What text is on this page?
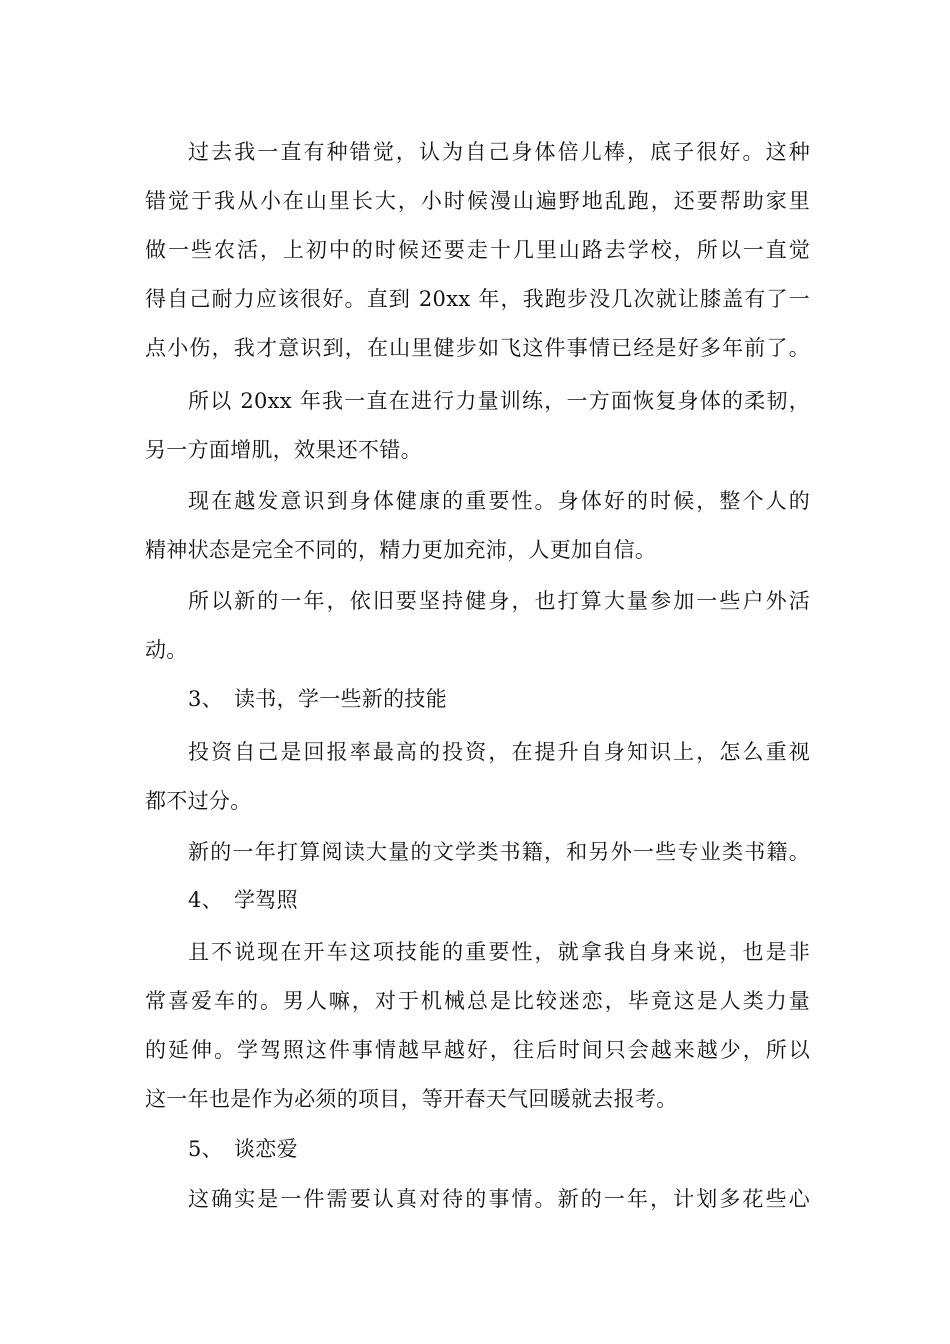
过去我一直有种错觉，认为自己身体倍儿棒，底子很好。这种
错觉于我从小在山里长大，小时候漫山遍野地乱跑，还要帮助家里
做一些农活，上初中的时候还要走十几里山路去学校，所以一直觉
得自己耐力应该很好。直到 20xx 年，我跑步没几次就让膝盖有了一
点小伤，我才意识到，在山里健步如飞这件事情已经是好多年前了。
所以 20xx 年我一直在进行力量训练，一方面恢复身体的柔韧，
另一方面增肌，效果还不错。
现在越发意识到身体健康的重要性。身体好的时候，整个人的
精神状态是完全不同的，精力更加充沛，人更加自信。
所以新的一年，依旧要坚持健身，也打算大量参加一些户外活
动。
3、 读书，学一些新的技能
投资自己是回报率最高的投资，在提升自身知识上，怎么重视
都不过分。
新的一年打算阅读大量的文学类书籍，和另外一些专业类书籍。
4、 学驾照
且不说现在开车这项技能的重要性，就拿我自身来说，也是非
常喜爱车的。男人嘛，对于机械总是比较迷恋，毕竟这是人类力量
的延伸。学驾照这件事情越早越好，往后时间只会越来越少，所以
这一年也是作为必须的项目，等开春天气回暖就去报考。
5、 谈恋爱
这确实是一件需要认真对待的事情。新的一年，计划多花些心
